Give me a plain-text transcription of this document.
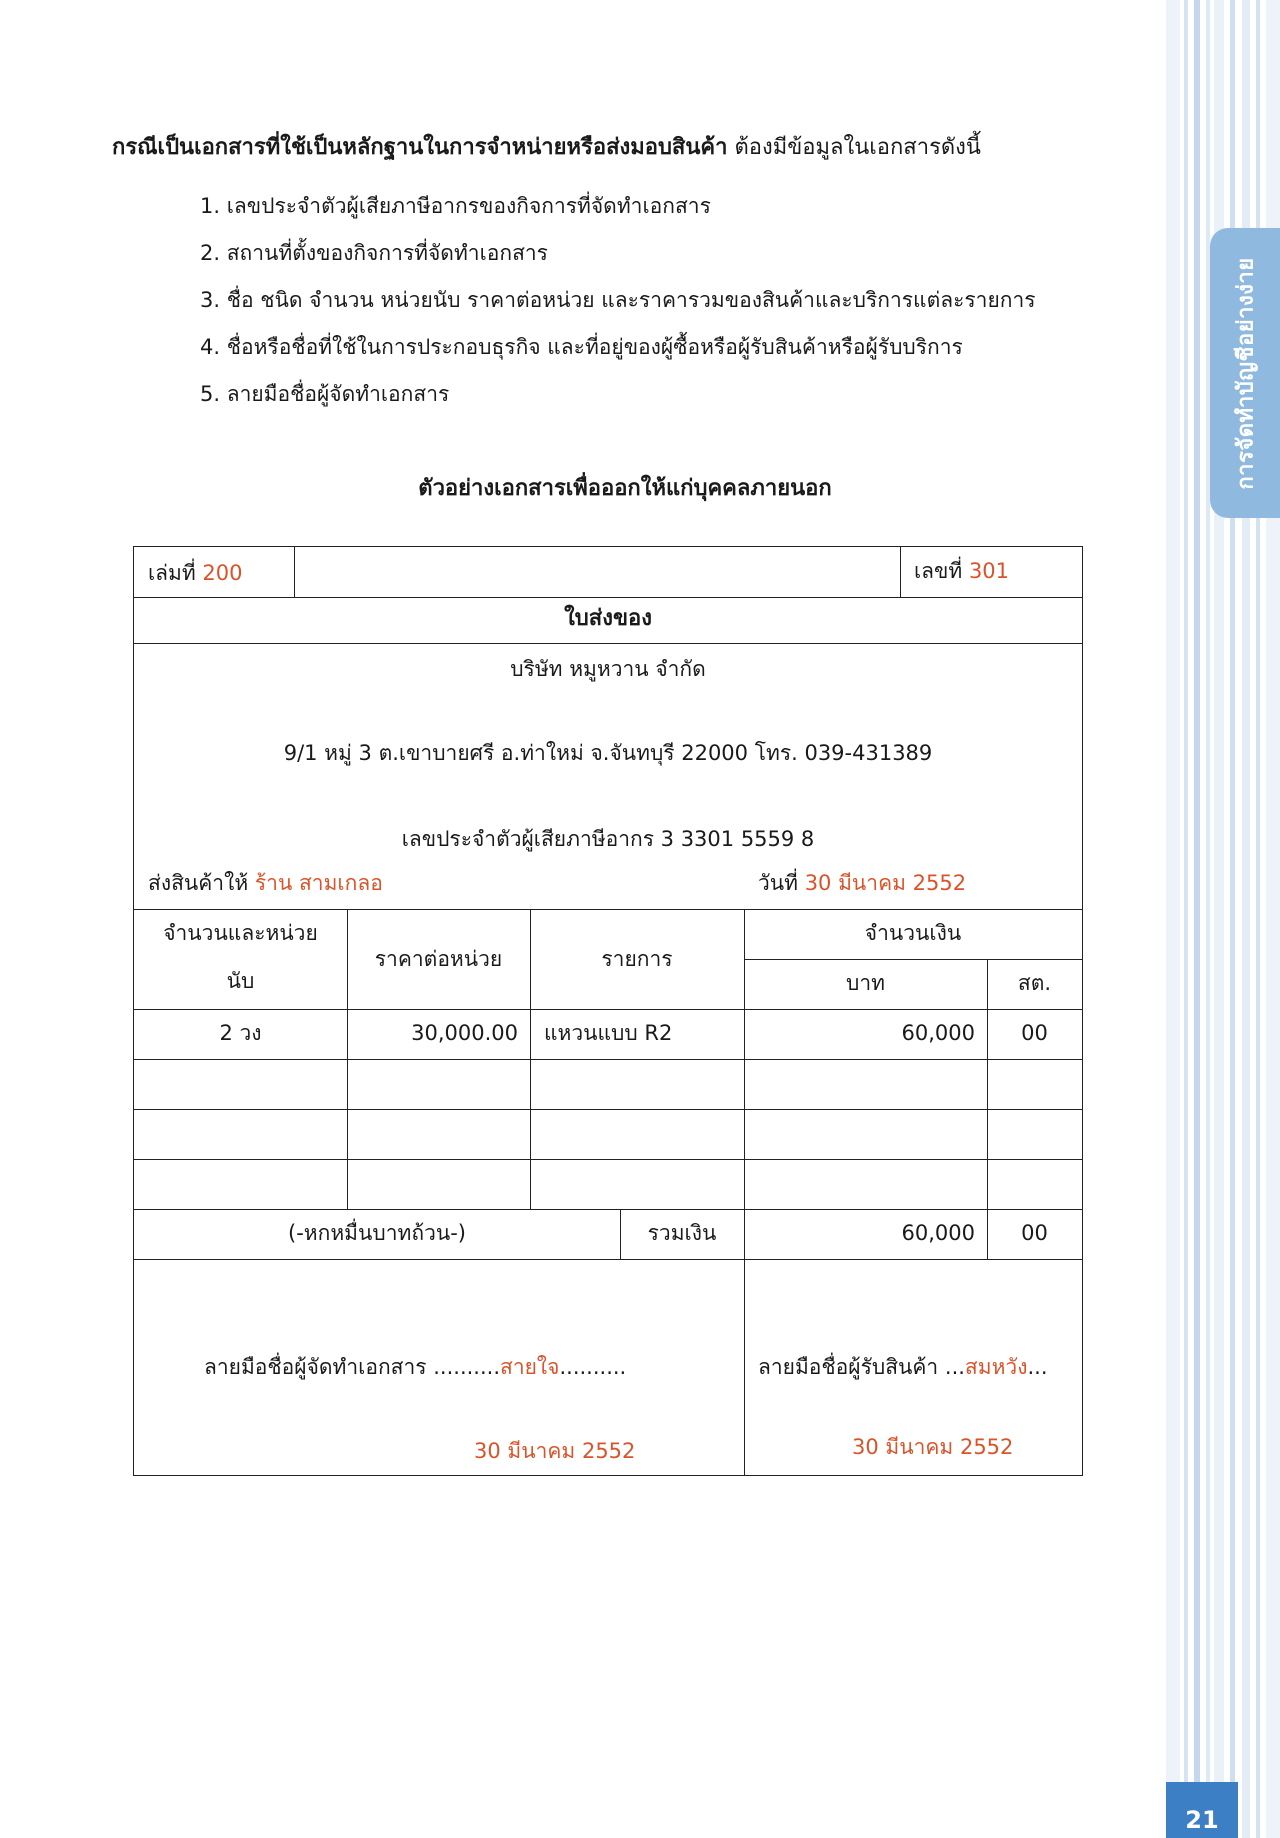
การจัดทำบัญชีอย่างง่าย
21
กรณีเป็นเอกสารที่ใช้เป็นหลักฐานในการจำหน่ายหรือส่งมอบสินค้า ต้องมีข้อมูลในเอกสารดังนี้
1. เลขประจำตัวผู้เสียภาษีอากรของกิจการที่จัดทำเอกสาร
2. สถานที่ตั้งของกิจการที่จัดทำเอกสาร
3. ชื่อ ชนิด จำนวน หน่วยนับ ราคาต่อหน่วย และราคารวมของสินค้าและบริการแต่ละรายการ
4. ชื่อหรือชื่อที่ใช้ในการประกอบธุรกิจ และที่อยู่ของผู้ซื้อหรือผู้รับสินค้าหรือผู้รับบริการ
5. ลายมือชื่อผู้จัดทำเอกสาร
ตัวอย่างเอกสารเพื่อออกให้แก่บุคคลภายนอก
เล่มที่ 200	เลขที่ 301
ใบส่งของ
บริษัท หมูหวาน จำกัด
9/1 หมู่ 3 ต.เขาบายศรี อ.ท่าใหม่ จ.จันทบุรี 22000 โทร. 039-431389
เลขประจำตัวผู้เสียภาษีอากร 3 3301 5559 8
ส่งสินค้าให้ ร้าน สามเกลอ	วันที่ 30 มีนาคม 2552
จำนวนและหน่วย
นับ
ราคาต่อหน่วย	รายการ
จำนวนเงิน
บาท	สต.
2 วง	30,000.00 แหวนแบบ R2	60,000	00
(-หกหมื่นบาทถ้วน-)	รวมเงิน	60,000	00
ลายมือชื่อผู้จัดทำเอกสาร ..........สายใจ..........
30 มีนาคม 2552
ลายมือชื่อผู้รับสินค้า ...สมหวัง...
30 มีนาคม 2552
